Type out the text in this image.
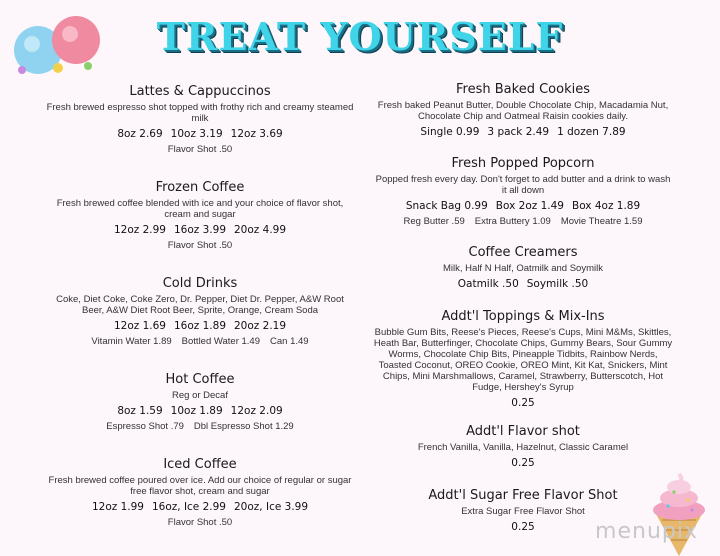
TREAT YOURSELF
Lattes & Cappuccinos
Fresh brewed espresso shot topped with frothy rich and creamy steamed milk
8oz 2.69 10oz 3.19 12oz 3.69
Flavor Shot .50
Frozen Coffee
Fresh brewed coffee blended with ice and your choice of flavor shot, cream and sugar
12oz 2.99 16oz 3.99 20oz 4.99
Flavor Shot .50
Cold Drinks
Coke, Diet Coke, Coke Zero, Dr. Pepper, Diet Dr. Pepper, A&W Root Beer, A&W Diet Root Beer, Sprite, Orange, Cream Soda
12oz 1.69 16oz 1.89 20oz 2.19
Vitamin Water 1.89 Bottled Water 1.49 Can 1.49
Hot Coffee
Reg or Decaf
8oz 1.59 10oz 1.89 12oz 2.09
Espresso Shot .79 Dbl Espresso Shot 1.29
Iced Coffee
Fresh brewed coffee poured over ice. Add our choice of regular or sugar free flavor shot, cream and sugar
12oz 1.99 16oz, Ice 2.99 20oz, Ice 3.99
Flavor Shot .50
Fresh Baked Cookies
Fresh baked Peanut Butter, Double Chocolate Chip, Macadamia Nut, Chocolate Chip and Oatmeal Raisin cookies daily.
Single 0.99 3 pack 2.49 1 dozen 7.89
Fresh Popped Popcorn
Popped fresh every day. Don't forget to add butter and a drink to wash it all down
Snack Bag 0.99 Box 2oz 1.49 Box 4oz 1.89
Reg Butter .59 Extra Buttery 1.09 Movie Theatre 1.59
Coffee Creamers
Milk, Half N Half, Oatmilk and Soymilk
Oatmilk .50 Soymilk .50
Addt'l Toppings & Mix-Ins
Bubble Gum Bits, Reese's Pieces, Reese's Cups, Mini M&Ms, Skittles, Heath Bar, Butterfinger, Chocolate Chips, Gummy Bears, Sour Gummy Worms, Chocolate Chip Bits, Pineapple Tidbits, Rainbow Nerds, Toasted Coconut, OREO Cookie, OREO Mint, Kit Kat, Snickers, Mint Chips, Mini Marshmallows, Caramel, Strawberry, Butterscotch, Hot Fudge, Hershey's Syrup
0.25
Addt'l Flavor shot
French Vanilla, Vanilla, Hazelnut, Classic Caramel
0.25
Addt'l Sugar Free Flavor Shot
Extra Sugar Free Flavor Shot
0.25	menupix
